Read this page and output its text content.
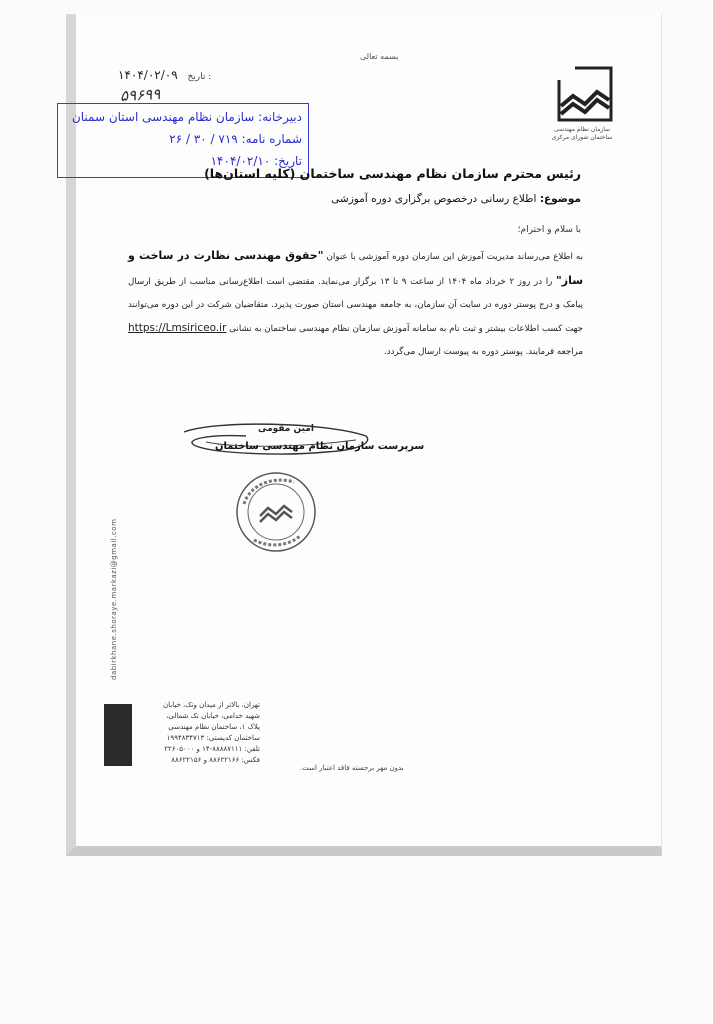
بسمه تعالی
سازمان نظام مهندسی ساختمان شورای مرکزی
۱۴۰۴/۰۲/۰۹ تاریخ :
۵۹۶۹۹
دبیرخانه: سازمان نظام مهندسی استان سمنان
شماره نامه: ۷۱۹ / ۳۰ / ۲۶
تاریخ: ۱۴۰۴/۰۲/۱۰
رئیس محترم سازمان نظام مهندسی ساختمان (کلیه استان‌ها)
موضوع: اطلاع رسانی درخصوص برگزاری دوره آموزشی
با سلام و احترام؛
به اطلاع می‌رساند مدیریت آموزش این سازمان دوره آموزشی با عنوان "حقوق مهندسی نظارت در ساخت و ساز" را در روز ۲ خرداد ماه ۱۴۰۴ از ساعت ۹ تا ۱۳ برگزار می‌نماید. مقتضی است اطلاع‌رسانی مناسب از طریق ارسال پیامک و درج پوستر دوره در سایت آن سازمان، به جامعه مهندسی استان صورت پذیرد. متقاضیان شرکت در این دوره می‌توانند جهت کسب اطلاعات بیشتر و ثبت نام به سامانه آموزش سازمان نظام مهندسی ساختمان به نشانی https://Lmsiriceo.ir مراجعه فرمایند. پوستر دوره به پیوست ارسال می‌گردد.
امین مقومی
سرپرست سازمان نظام مهندسی ساختمان
dabirkhane.shoraye.markazi@gmail.com
تهران، بالاتر از میدان ونک، خیابان
شهید خدامی، خیابان نک شمالی،
پلاک ۱، ساختمان نظام مهندسی
ساختمان کدپستی: ۱۹۹۴۸۳۴۷۱۳
تلفن: ۸۸۸۸۷۱۱۱-۱۴ و ۲۲۶۰۵۰۰۰
فکس: ۸۸۶۲۲۱۶۶ و ۸۸۶۲۲۱۵۶
بدون مهر برجسته فاقد اعتبار است.
